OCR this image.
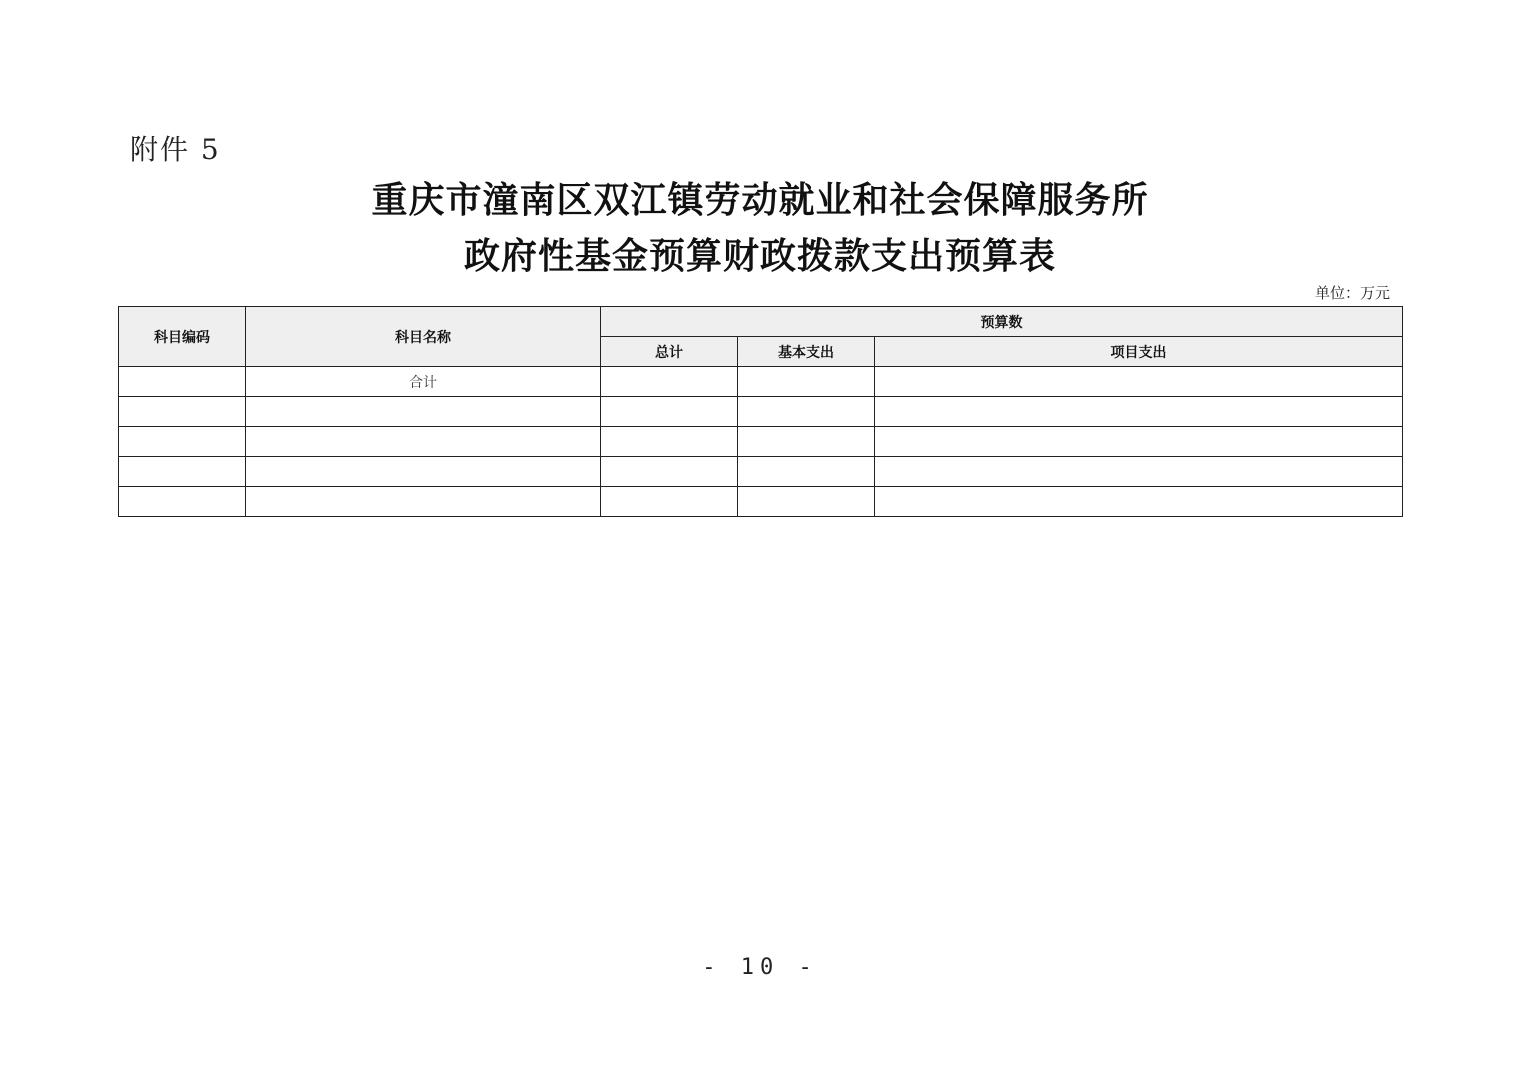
附件 5
重庆市潼南区双江镇劳动就业和社会保障服务所
政府性基金预算财政拨款支出预算表
单位：万元
科目编码	科目名称	预算数		
		总计	基本支出	项目支出
	合计			

- 10 -
